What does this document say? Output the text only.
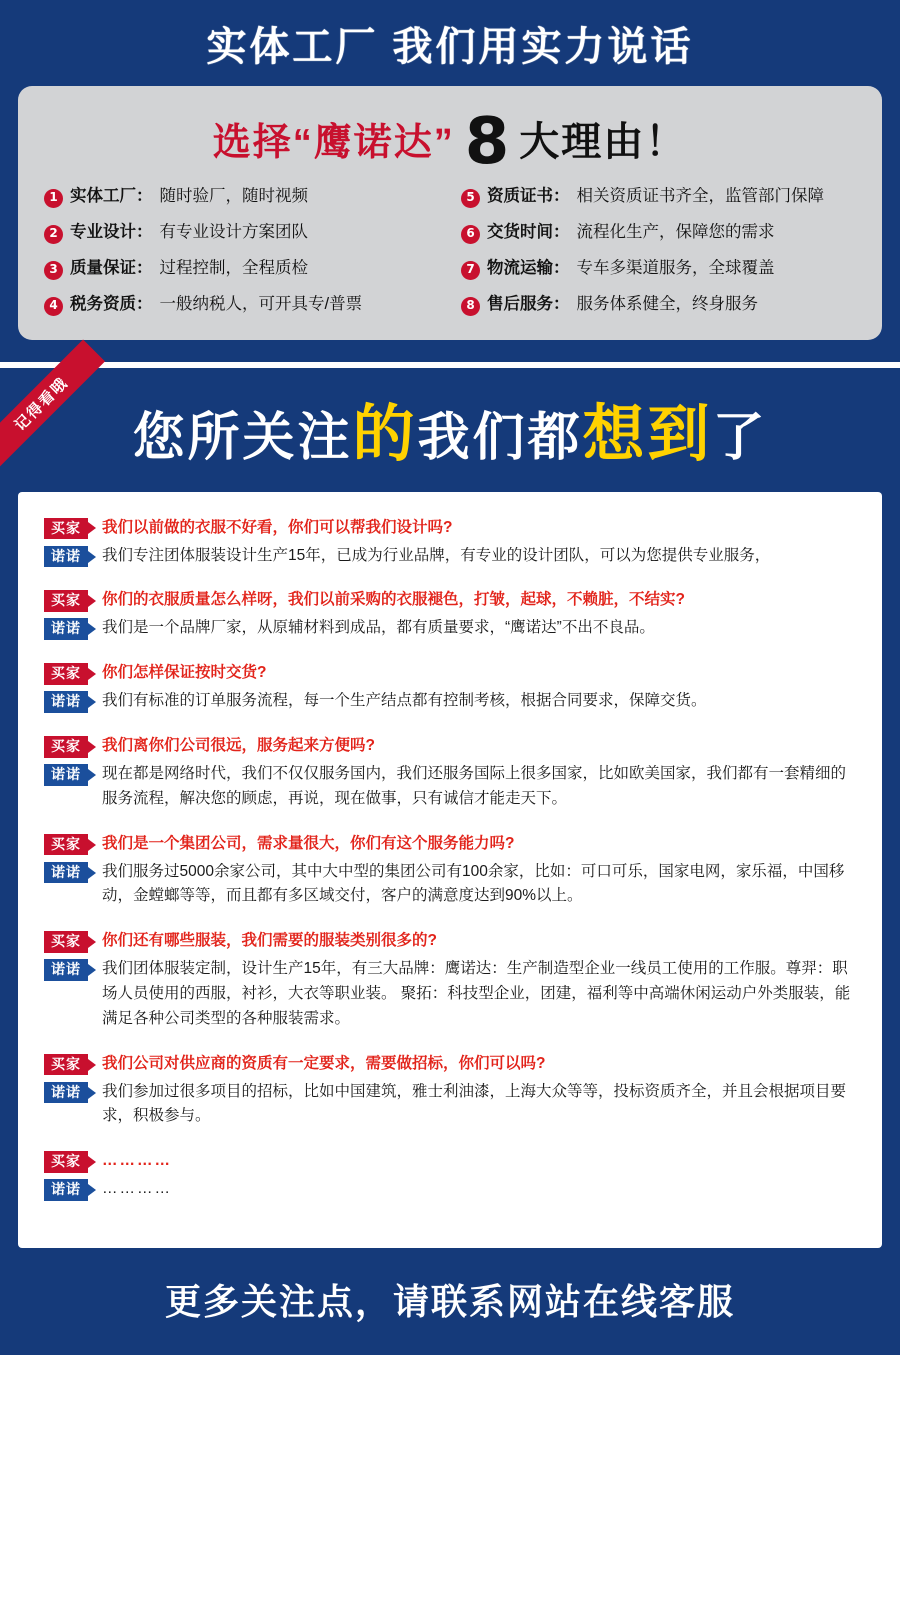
实体工厂 我们用实力说话
选择“鹰诺达” 8 大理由！
1 实体工厂： 随时验厂，随时视频	5 资质证书： 相关资质证书齐全，监管部门保障
2 专业设计： 有专业设计方案团队	6 交货时间： 流程化生产，保障您的需求
3 质量保证： 过程控制，全程质检	7 物流运输： 专车多渠道服务，全球覆盖
4 税务资质： 一般纳税人，可开具专/普票	8 售后服务： 服务体系健全，终身服务
记得看哦
您所关注的我们都想到了
买家	我们以前做的衣服不好看，你们可以帮我们设计吗?
诺诺	我们专注团体服装设计生产15年，已成为行业品牌，有专业的设计团队，可以为您提供专业服务，
买家	你们的衣服质量怎么样呀，我们以前采购的衣服褪色，打皱，起球，不赖脏，不结实?
诺诺	我们是一个品牌厂家，从原辅材料到成品，都有质量要求，“鹰诺达”不出不良品。
买家	你们怎样保证按时交货?
诺诺	我们有标准的订单服务流程，每一个生产结点都有控制考核，根据合同要求，保障交货。
买家	我们离你们公司很远，服务起来方便吗?
诺诺	现在都是网络时代，我们不仅仅服务国内，我们还服务国际上很多国家，比如欧美国家，我们都有一套精细的服务流程，解决您的顾虑，再说，现在做事，只有诚信才能走天下。
买家	我们是一个集团公司，需求量很大，你们有这个服务能力吗?
诺诺	我们服务过5000余家公司，其中大中型的集团公司有100余家，比如：可口可乐，国家电网，家乐福，中国移动，金螳螂等等，而且都有多区域交付，客户的满意度达到90%以上。
买家	你们还有哪些服装，我们需要的服装类别很多的?
诺诺	我们团体服装定制，设计生产15年，有三大品牌：鹰诺达：生产制造型企业一线员工使用的工作服。尊羿：职场人员使用的西服，衬衫，大衣等职业装。 聚拓：科技型企业，团建，福利等中高端休闲运动户外类服装，能满足各种公司类型的各种服装需求。
买家	我们公司对供应商的资质有一定要求，需要做招标，你们可以吗?
诺诺	我们参加过很多项目的招标，比如中国建筑，雅士利油漆，上海大众等等，投标资质齐全，并且会根据项目要求，积极参与。
买家	…………
诺诺	…………
更多关注点，请联系网站在线客服
